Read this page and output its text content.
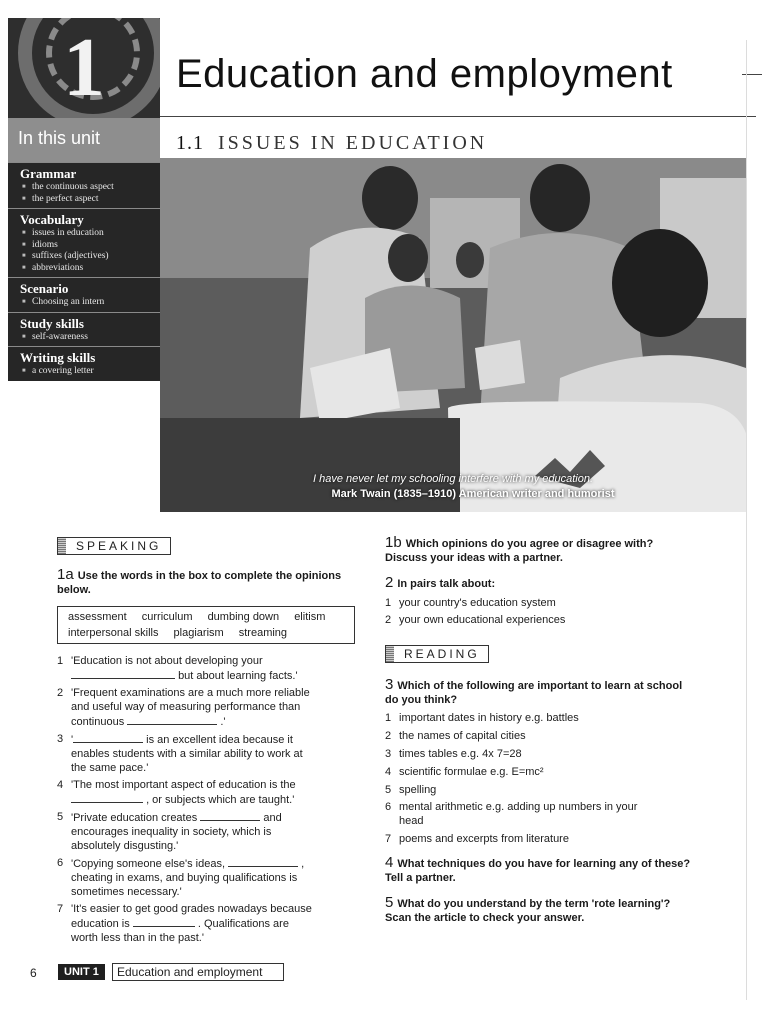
1 Education and employment
1.1 ISSUES IN EDUCATION
In this unit
Grammar
■ the continuous aspect
■ the perfect aspect
Vocabulary
■ issues in education
■ idioms
■ suffixes (adjectives)
■ abbreviations
Scenario
■ Choosing an intern
Study skills
■ self-awareness
Writing skills
■ a covering letter
I have never let my schooling interfere with my education.
Mark Twain (1835–1910) American writer and humorist
SPEAKING
1a Use the words in the box to complete the opinions below.
assessment curriculum dumbing down elitism
interpersonal skills plagiarism streaming
1 'Education is not about developing your
but about learning facts.'
2 'Frequent examinations are a much more reliable
and useful way of measuring performance than
continuous	.'
3 '	is an excellent idea because it
enables students with a similar ability to work at
the same pace.'
4 'The most important aspect of education is the
, or subjects which are taught.'
5 'Private education creates	and
encourages inequality in society, which is
absolutely disgusting.'
6 'Copying someone else's ideas,	,
cheating in exams, and buying qualifications is
sometimes necessary.'
7 'It's easier to get good grades nowadays because
education is	. Qualifications are
worth less than in the past.'
1b Which opinions do you agree or disagree with? Discuss your ideas with a partner.
2 In pairs talk about:
1 your country's education system
2 your own educational experiences
READING
3 Which of the following are important to learn at school do you think?
1 important dates in history e.g. battles
2 the names of capital cities
3 times tables e.g. 4x 7=28
4 scientific formulae e.g. E=mc²
5 spelling
6 mental arithmetic e.g. adding up numbers in your
head
7 poems and excerpts from literature
4 What techniques do you have for learning any of these? Tell a partner.
5 What do you understand by the term 'rote learning'? Scan the article to check your answer.
6	UNIT 1	Education and employment
